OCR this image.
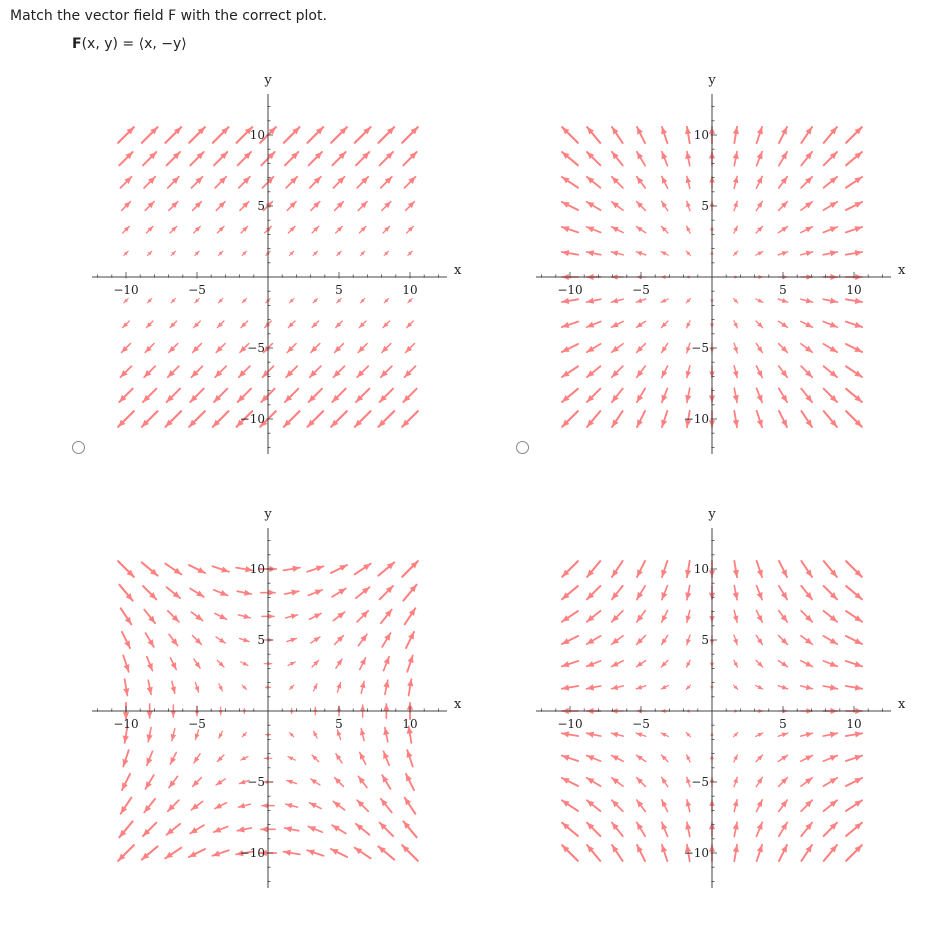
Match the vector field F with the correct plot.
F(x, y) = ⟨x, −y⟩
−10	−5	5	10
10
5
−5
−10
x
y
−10	−5	5	10
10
5
−5
−10
x
y
−10	−5	5	10
10
5
−5
−10
x
y
−10	−5	5	10
10
5
−5
−10
x
y
